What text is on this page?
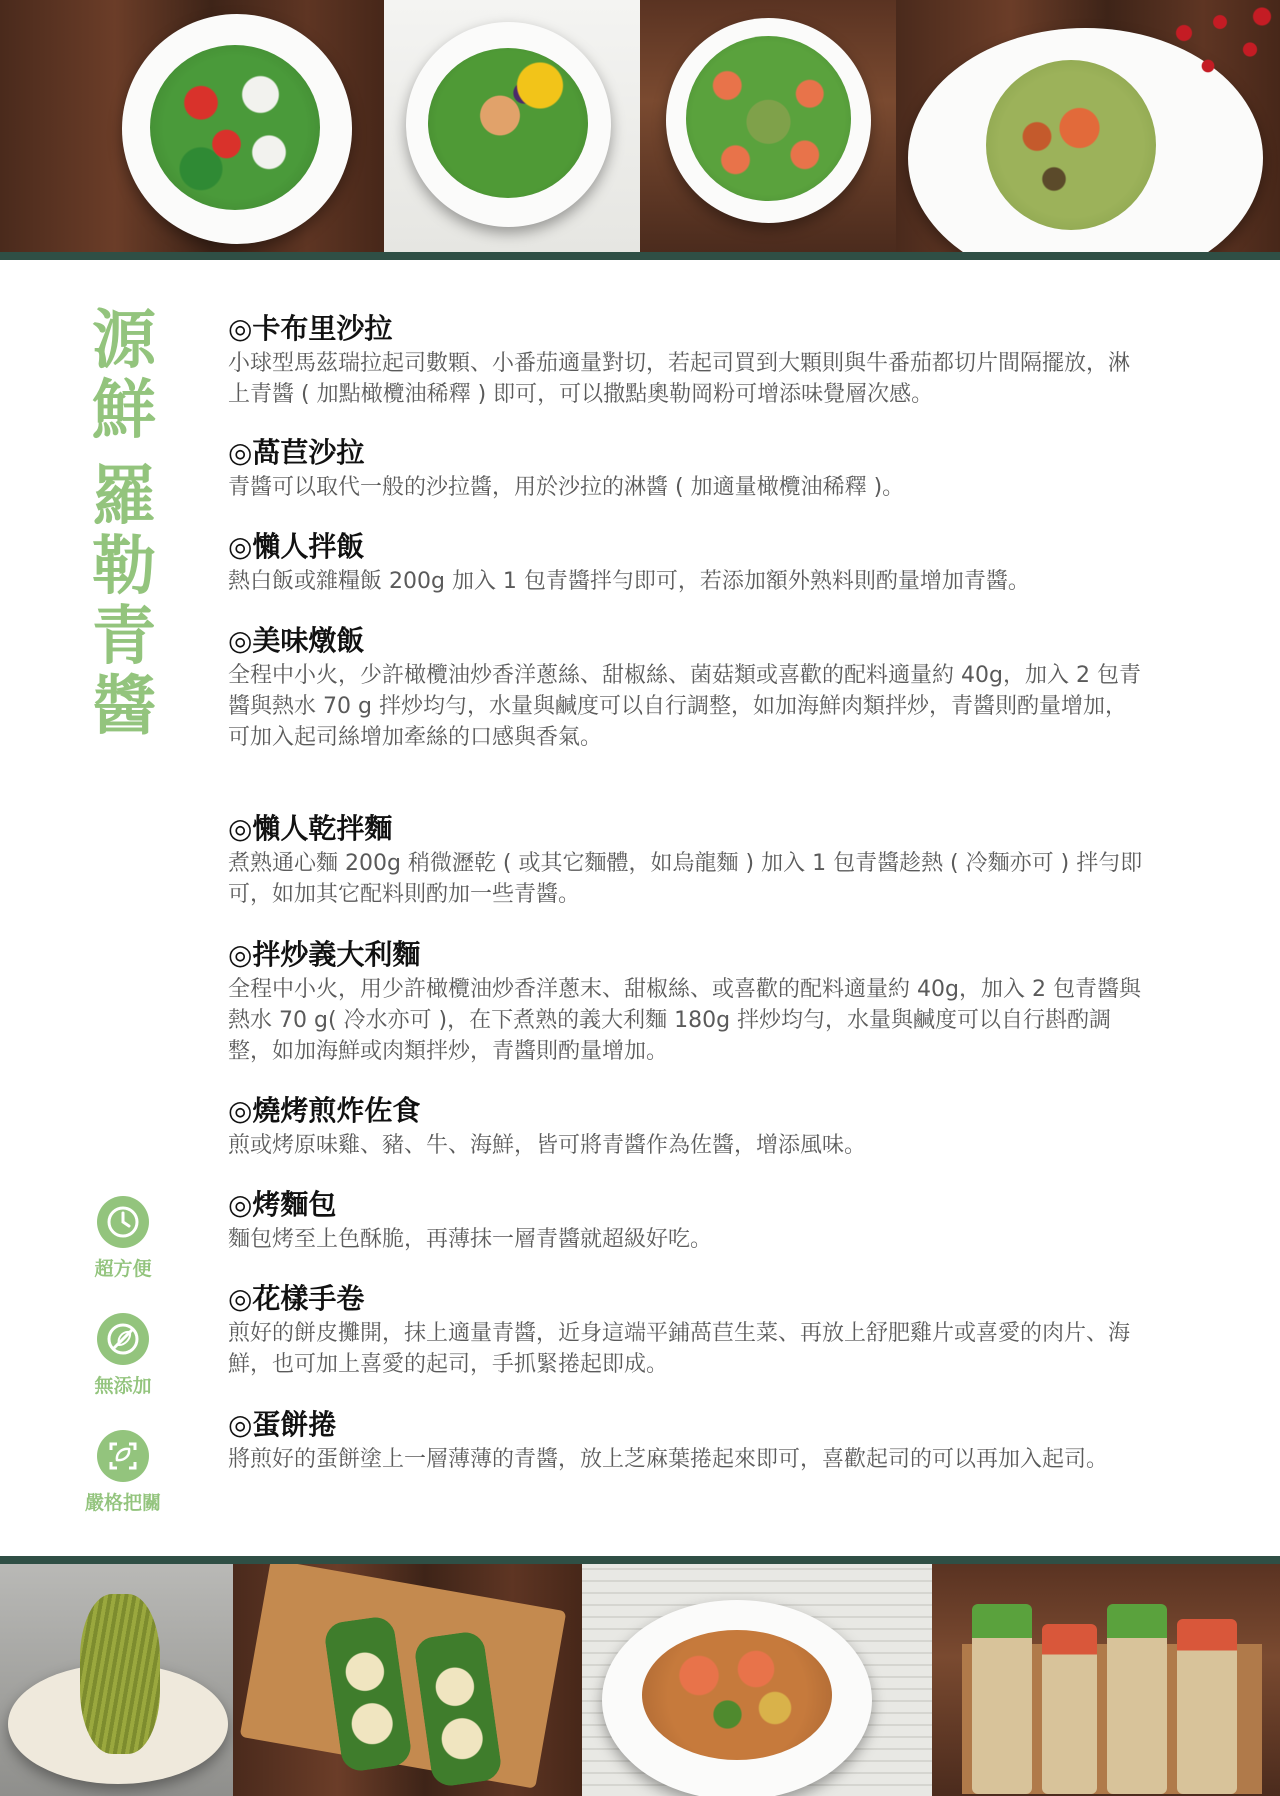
源
鮮
羅
勒
青
醬
超方便
無添加
嚴格把關
◎卡布里沙拉

小球型馬茲瑞拉起司數顆、小番茄適量對切，若起司買到大顆則與牛番茄都切片間隔擺放，淋上青醬 ( 加點橄欖油稀釋 ) 即可，可以撒點奧勒岡粉可增添味覺層次感。

◎萵苣沙拉

青醬可以取代一般的沙拉醬，用於沙拉的淋醬 ( 加適量橄欖油稀釋 )。

◎懶人拌飯

熱白飯或雜糧飯 200g 加入 1 包青醬拌勻即可，若添加額外熟料則酌量增加青醬。

◎美味燉飯

全程中小火，少許橄欖油炒香洋蔥絲、甜椒絲、菌菇類或喜歡的配料適量約 40g，加入 2 包青醬與熱水 70 g 拌炒均勻，水量與鹹度可以自行調整，如加海鮮肉類拌炒，青醬則酌量增加，可加入起司絲增加牽絲的口感與香氣。

◎懶人乾拌麵

煮熟通心麵 200g 稍微瀝乾 ( 或其它麵體，如烏龍麵 ) 加入 1 包青醬趁熱 ( 冷麵亦可 ) 拌勻即可，如加其它配料則酌加一些青醬。

◎拌炒義大利麵

全程中小火，用少許橄欖油炒香洋蔥末、甜椒絲、或喜歡的配料適量約 40g，加入 2 包青醬與熱水 70 g( 冷水亦可 )，在下煮熟的義大利麵 180g 拌炒均勻，水量與鹹度可以自行斟酌調整，如加海鮮或肉類拌炒，青醬則酌量增加。

◎燒烤煎炸佐食

煎或烤原味雞、豬、牛、海鮮，皆可將青醬作為佐醬，增添風味。

◎烤麵包

麵包烤至上色酥脆，再薄抹一層青醬就超級好吃。

◎花樣手卷

煎好的餅皮攤開，抹上適量青醬，近身這端平鋪萵苣生菜、再放上舒肥雞片或喜愛的肉片、海鮮，也可加上喜愛的起司，手抓緊捲起即成。

◎蛋餅捲

將煎好的蛋餅塗上一層薄薄的青醬，放上芝麻葉捲起來即可，喜歡起司的可以再加入起司。
